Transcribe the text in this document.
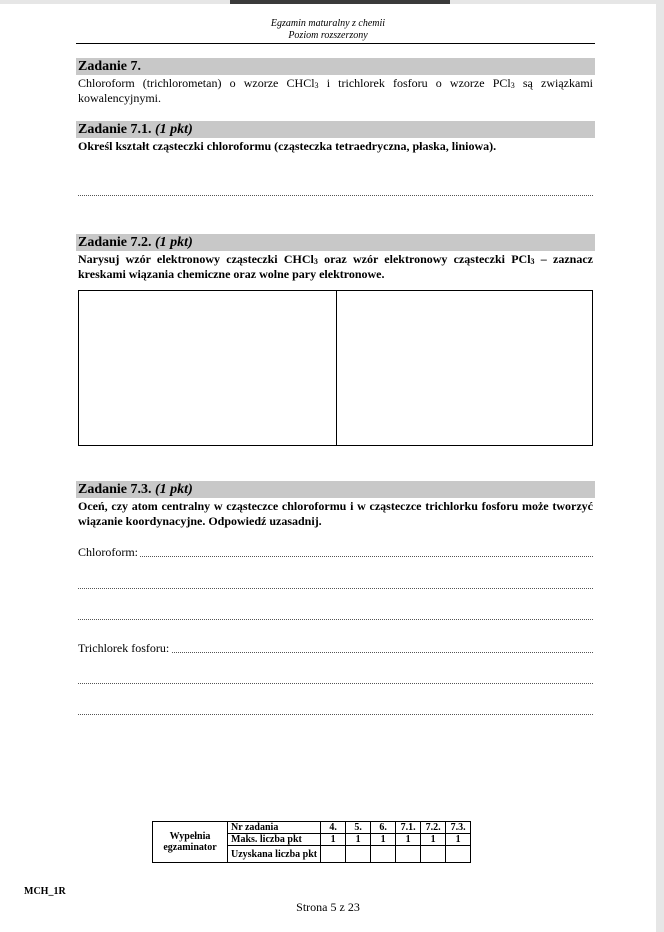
Egzamin maturalny z chemii
Poziom rozszerzony
Zadanie 7.
Chloroform (trichlorometan) o wzorze CHCl$_3$ i trichlorek fosforu o wzorze PCl$_3$ są związkami kowalencyjnymi.
Zadanie 7.1. (1 pkt)
Określ kształt cząsteczki chloroformu (cząsteczka tetraedryczna, płaska, liniowa).
Zadanie 7.2. (1 pkt)
Narysuj wzór elektronowy cząsteczki CHCl$_3$ oraz wzór elektronowy cząsteczki PCl$_3$ – zaznacz kreskami wiązania chemiczne oraz wolne pary elektronowe.
Zadanie 7.3. (1 pkt)
Oceń, czy atom centralny w cząsteczce chloroformu i w cząsteczce trichlorku fosforu może tworzyć wiązanie koordynacyjne. Odpowiedź uzasadnij.
Chloroform:
Trichlorek fosforu:
Wypełnia egzaminator	Nr zadania	4.	5.	6.	7.1.	7.2.	7.3.
	Maks. liczba pkt	1	1	1	1	1	1
	Uzyskana liczba pkt						
MCH_1R
Strona 5 z 23
